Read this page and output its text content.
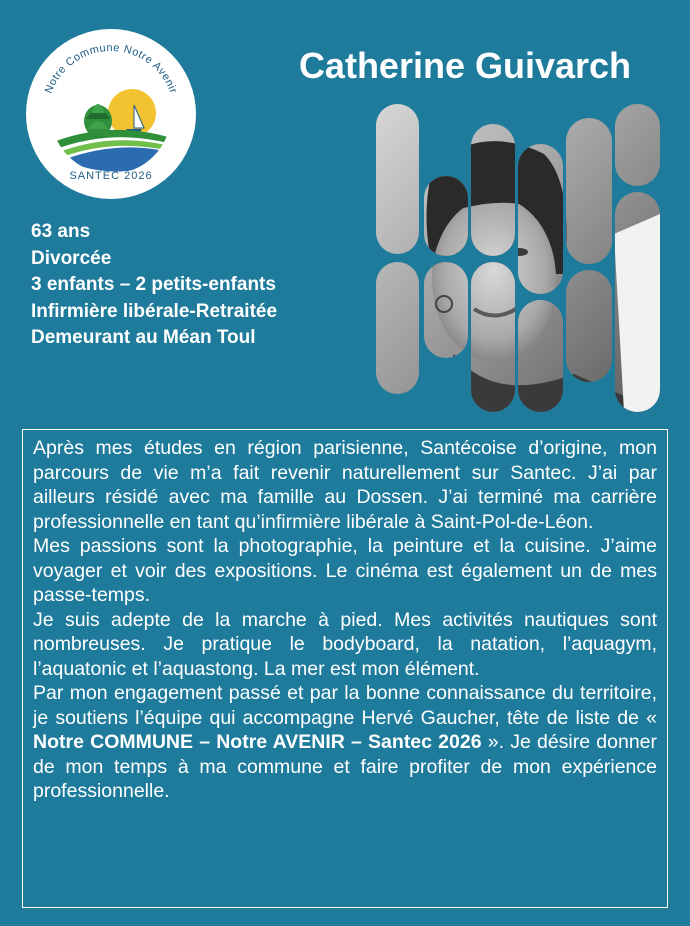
Notre Commune Notre Avenir
SANTEC 2026
Catherine Guivarch
63 ans
Divorcée
3 enfants – 2 petits-enfants
Infirmière libérale-Retraitée
Demeurant au Méan Toul

Après mes études en région parisienne, Santécoise d’origine, mon parcours de vie m’a fait revenir naturellement sur Santec. J’ai par ailleurs résidé avec ma famille au Dossen. J’ai terminé ma carrière professionnelle en tant qu’infirmière libérale à Saint-Pol-de-Léon.

Mes passions sont la photographie, la peinture et la cuisine. J’aime voyager et voir des expositions. Le cinéma est également un de mes passe-temps.

Je suis adepte de la marche à pied. Mes activités nautiques sont nombreuses. Je pratique le bodyboard, la natation, l’aquagym, l’aquatonic et l’aquastong. La mer est mon élément.

Par mon engagement passé et par la bonne connaissance du territoire, je soutiens l’équipe qui accompagne Hervé Gaucher, tête de liste de « Notre COMMUNE – Notre AVENIR – Santec 2026 ». Je désire donner de mon temps à ma commune et faire profiter de mon expérience professionnelle.
